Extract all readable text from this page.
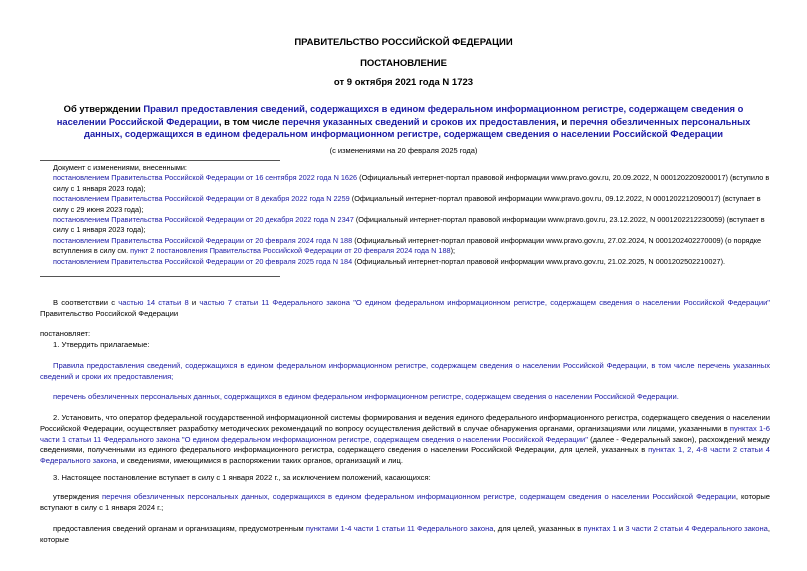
ПРАВИТЕЛЬСТВО РОССИЙСКОЙ ФЕДЕРАЦИИ
ПОСТАНОВЛЕНИЕ
от 9 октября 2021 года N 1723
Об утверждении Правил предоставления сведений, содержащихся в едином федеральном информационном регистре, содержащем сведения о населении Российской Федерации, в том числе перечня указанных сведений и сроков их предоставления, и перечня обезличенных персональных данных, содержащихся в едином федеральном информационном регистре, содержащем сведения о населении Российской Федерации
(с изменениями на 20 февраля 2025 года)
Документ с изменениями, внесенными:
постановлением Правительства Российской Федерации от 16 сентября 2022 года N 1626 (Официальный интернет-портал правовой информации www.pravo.gov.ru, 20.09.2022, N 0001202209200017) (вступило в силу с 1 января 2023 года);
постановлением Правительства Российской Федерации от 8 декабря 2022 года N 2259 (Официальный интернет-портал правовой информации www.pravo.gov.ru, 09.12.2022, N 0001202212090017) (вступает в силу с 29 июня 2023 года);
постановлением Правительства Российской Федерации от 20 декабря 2022 года N 2347 (Официальный интернет-портал правовой информации www.pravo.gov.ru, 23.12.2022, N 0001202212230059) (вступает в силу с 1 января 2023 года);
постановлением Правительства Российской Федерации от 20 февраля 2024 года N 188 (Официальный интернет-портал правовой информации www.pravo.gov.ru, 27.02.2024, N 0001202402270009) (о порядке вступления в силу см. пункт 2 постановления Правительства Российской Федерации от 20 февраля 2024 года N 188);
постановлением Правительства Российской Федерации от 20 февраля 2025 года N 184 (Официальный интернет-портал правовой информации www.pravo.gov.ru, 21.02.2025, N 0001202502210027).
В соответствии с частью 14 статьи 8 и частью 7 статьи 11 Федерального закона "О едином федеральном информационном регистре, содержащем сведения о населении Российской Федерации" Правительство Российской Федерации
постановляет:
1. Утвердить прилагаемые:
Правила предоставления сведений, содержащихся в едином федеральном информационном регистре, содержащем сведения о населении Российской Федерации, в том числе перечень указанных сведений и сроки их предоставления;
перечень обезличенных персональных данных, содержащихся в едином федеральном информационном регистре, содержащем сведения о населении Российской Федерации.
2. Установить, что оператор федеральной государственной информационной системы формирования и ведения единого федерального информационного регистра, содержащего сведения о населении Российской Федерации, осуществляет разработку методических рекомендаций по вопросу осуществления действий в случае обнаружения органами, организациями или лицами, указанными в пунктах 1-6 части 1 статьи 11 Федерального закона "О едином федеральном информационном регистре, содержащем сведения о населении Российской Федерации" (далее - Федеральный закон), расхождений между сведениями, полученными из единого федерального информационного регистра, содержащего сведения о населении Российской Федерации, для целей, указанных в пунктах 1, 2, 4-8 части 2 статьи 4 Федерального закона, и сведениями, имеющимися в распоряжении таких органов, организаций и лиц.
3. Настоящее постановление вступает в силу с 1 января 2022 г., за исключением положений, касающихся:
утверждения перечня обезличенных персональных данных, содержащихся в едином федеральном информационном регистре, содержащем сведения о населении Российской Федерации, которые вступают в силу с 1 января 2024 г.;
предоставления сведений органам и организациям, предусмотренным пунктами 1-4 части 1 статьи 11 Федерального закона, для целей, указанных в пунктах 1 и 3 части 2 статьи 4 Федерального закона, которые
